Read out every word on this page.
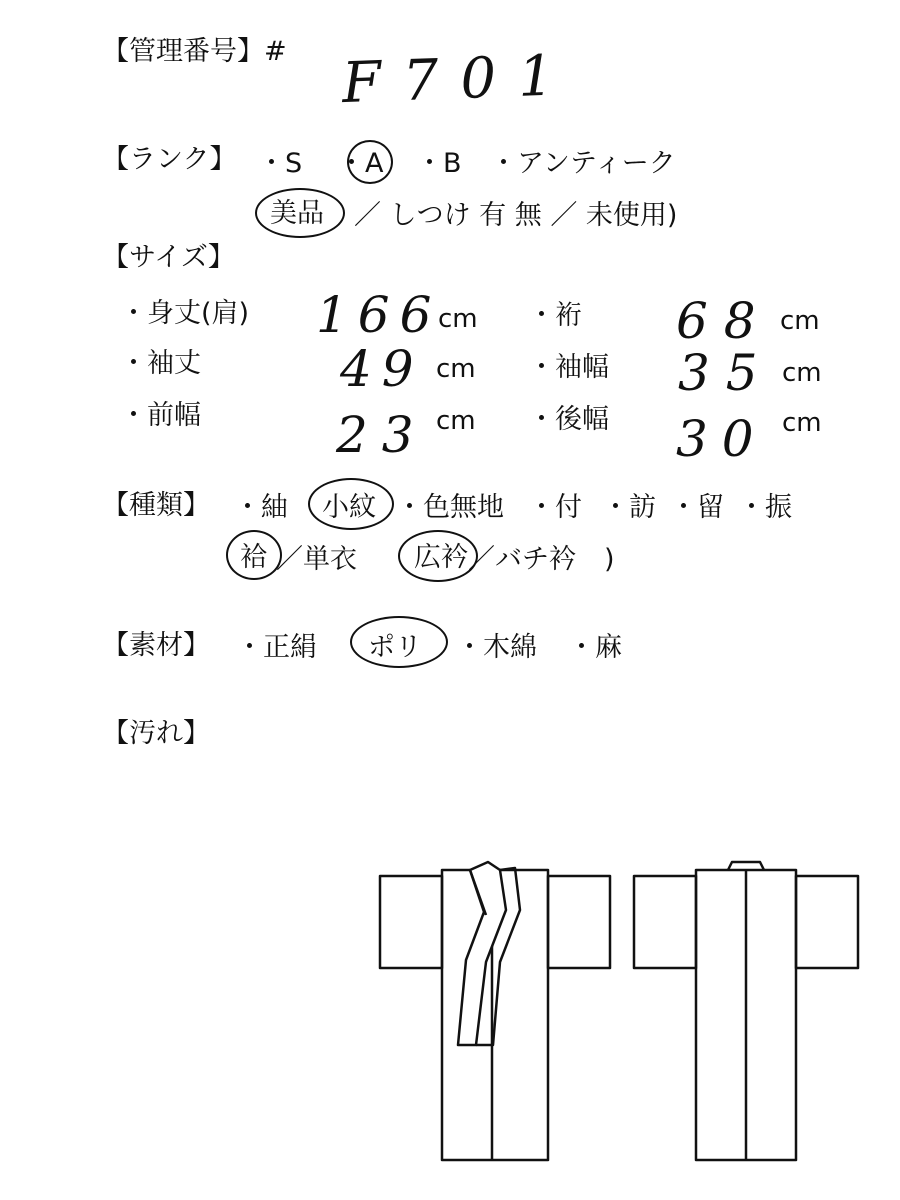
【管理番号】# F701
【ランク】 ・S ・A ・B ・アンティーク
美品 ／ しつけ 有 無 ／ 未使用)
【サイズ】
・身丈(肩) 166
cm ・裄 68 cm
・袖丈	49 cm ・袖幅 35 cm
・前幅	23 cm ・後幅 30 cm
【種類】 ・紬 小紋 ・色無地 ・付 ・訪 ・留 ・振
袷 ／単衣 広衿 ／バチ衿 )
【素材】 ・正絹 ポリ ・木綿 ・麻
【汚れ】
